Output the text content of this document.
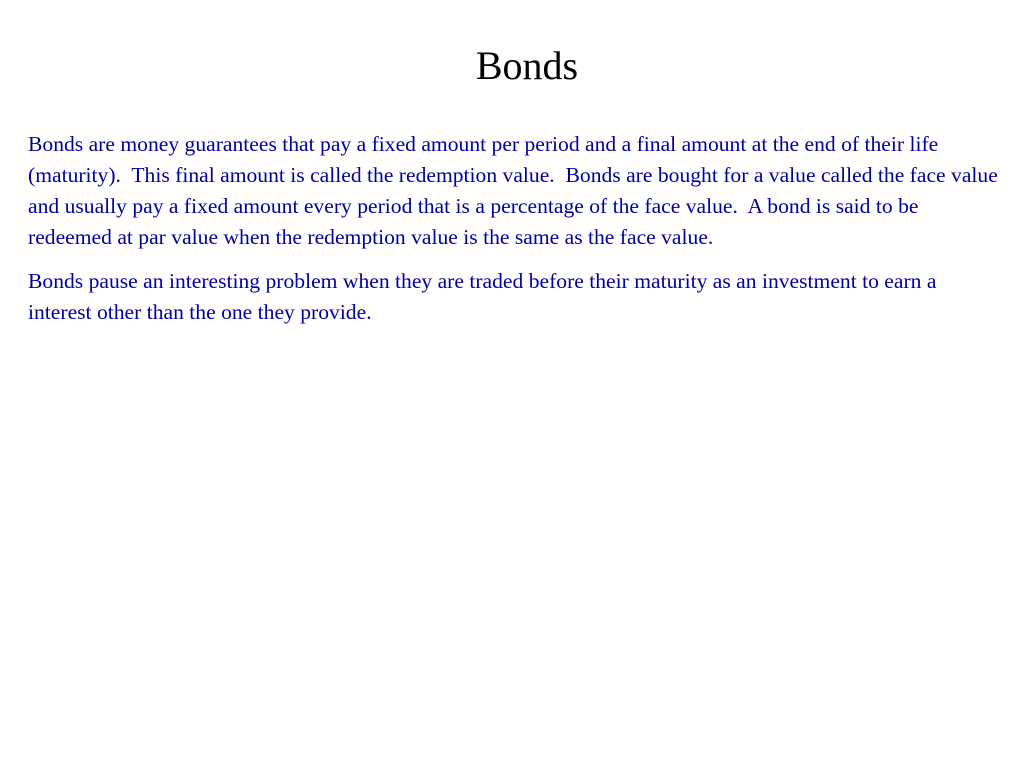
Bonds

Bonds are money guarantees that pay a fixed amount per period and a final amount at the end of their life (maturity).  This final amount is called the redemption value.  Bonds are bought for a value called the face value and usually pay a fixed amount every period that is a percentage of the face value.  A bond is said to be redeemed at par value when the redemption value is the same as the face value.

Bonds pause an interesting problem when they are traded before their maturity as an investment to earn a interest other than the one they provide.
